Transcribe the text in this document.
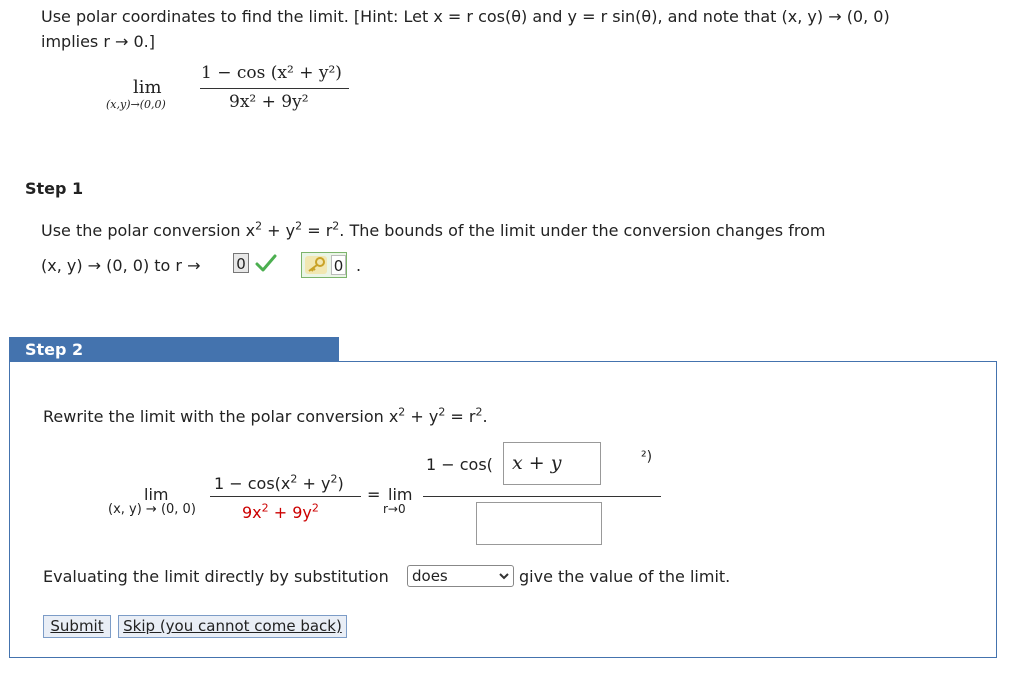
Use polar coordinates to find the limit. [Hint: Let x = r cos(θ) and y = r sin(θ), and note that (x, y) → (0, 0)
implies r → 0.]
lim
(x,y)→(0,0)
1 − cos (x² + y²)
9x² + 9y²
Step 1
Use the polar conversion $x^2 + y^2 = r^2$. The bounds of the limit under the conversion changes from
(x, y) → (0, 0) to r → 0	0 .
Step 2
Rewrite the limit with the polar conversion $x^2 + y^2 = r^2$.
lim
(x, y) → (0, 0)
$1 - \cos(x^2 + y^2)$
$9x^2 + 9y^2$
= lim
r→0
1 − cos(	x + y	²)
Evaluating the limit directly by substitution	does	give the value of the limit.
Submit	Skip (you cannot come back)
